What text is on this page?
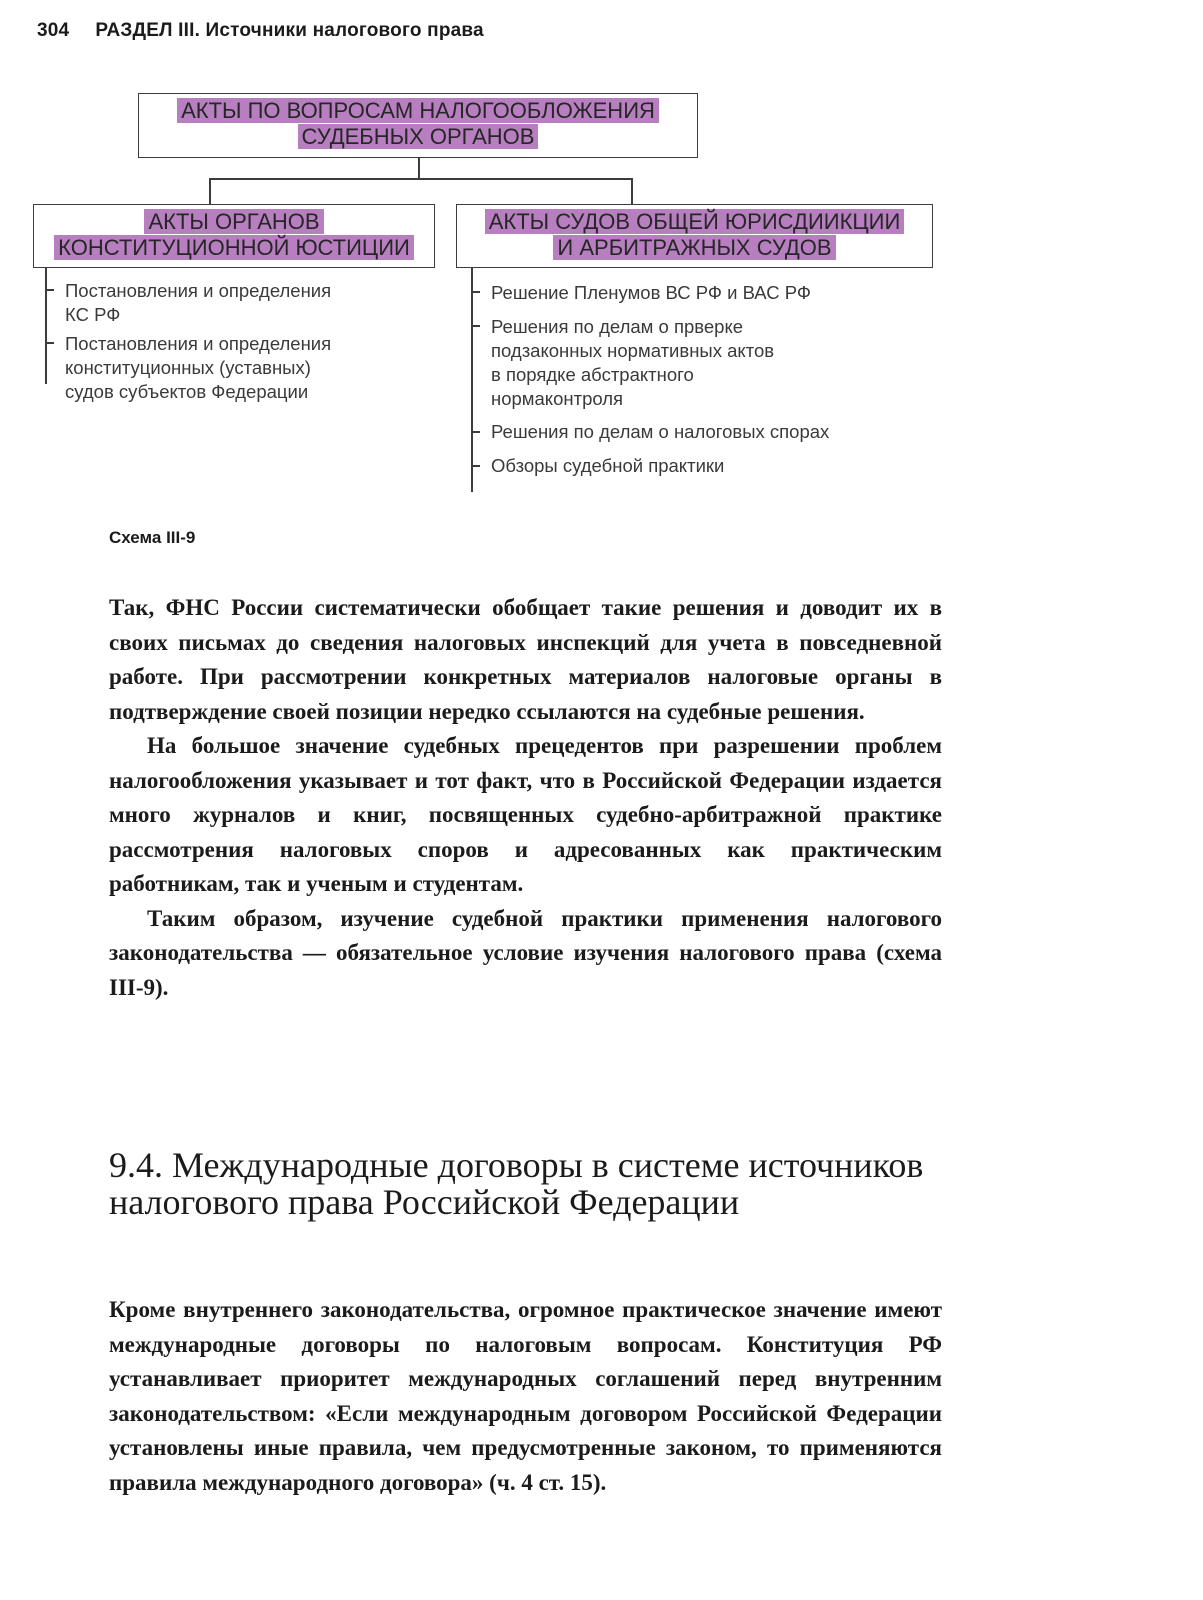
304 РАЗДЕЛ III. Источники налогового права
АКТЫ ПО ВОПРОСАМ НАЛОГООБЛОЖЕНИЯ
СУДЕБНЫХ ОРГАНОВ
АКТЫ ОРГАНОВ
КОНСТИТУЦИОННОЙ ЮСТИЦИИ
АКТЫ СУДОВ ОБЩЕЙ ЮРИСДИИКЦИИ
И АРБИТРАЖНЫХ СУДОВ
Постановления и определения
КС РФ
Постановления и определения
конституционных (уставных)
судов субъектов Федерации
Решение Пленумов ВС РФ и ВАС РФ
Решения по делам о прверке
подзаконных нормативных актов
в порядке абстрактного
нормаконтроля
Решения по делам о налоговых спорах
Обзоры судебной практики
Схема III-9

Так, ФНС России систематически обобщает такие решения и доводит их в своих письмах до сведения налоговых инспекций для учета в повседневной работе. При рассмотрении конкретных материалов налоговые органы в подтверждение своей позиции нередко ссылаются на судебные решения.

На большое значение судебных прецедентов при разрешении проблем налогообложения указывает и тот факт, что в Российской Федерации издается много журналов и книг, посвященных судебно-арбитражной практике рассмотрения налоговых споров и адресованных как практическим работникам, так и ученым и студентам.

Таким образом, изучение судебной практики применения налогового законодательства — обязательное условие изучения налогового права (схема III-9).

9.4. Международные договоры в системе источников налогового права Российской Федерации

Кроме внутреннего законодательства, огромное практическое значение имеют международные договоры по налоговым вопросам. Конституция РФ устанавливает приоритет международных соглашений перед внутренним законодательством: «Если международным договором Российской Федерации установлены иные правила, чем предусмотренные законом, то применяются правила международного договора» (ч. 4 ст. 15).
